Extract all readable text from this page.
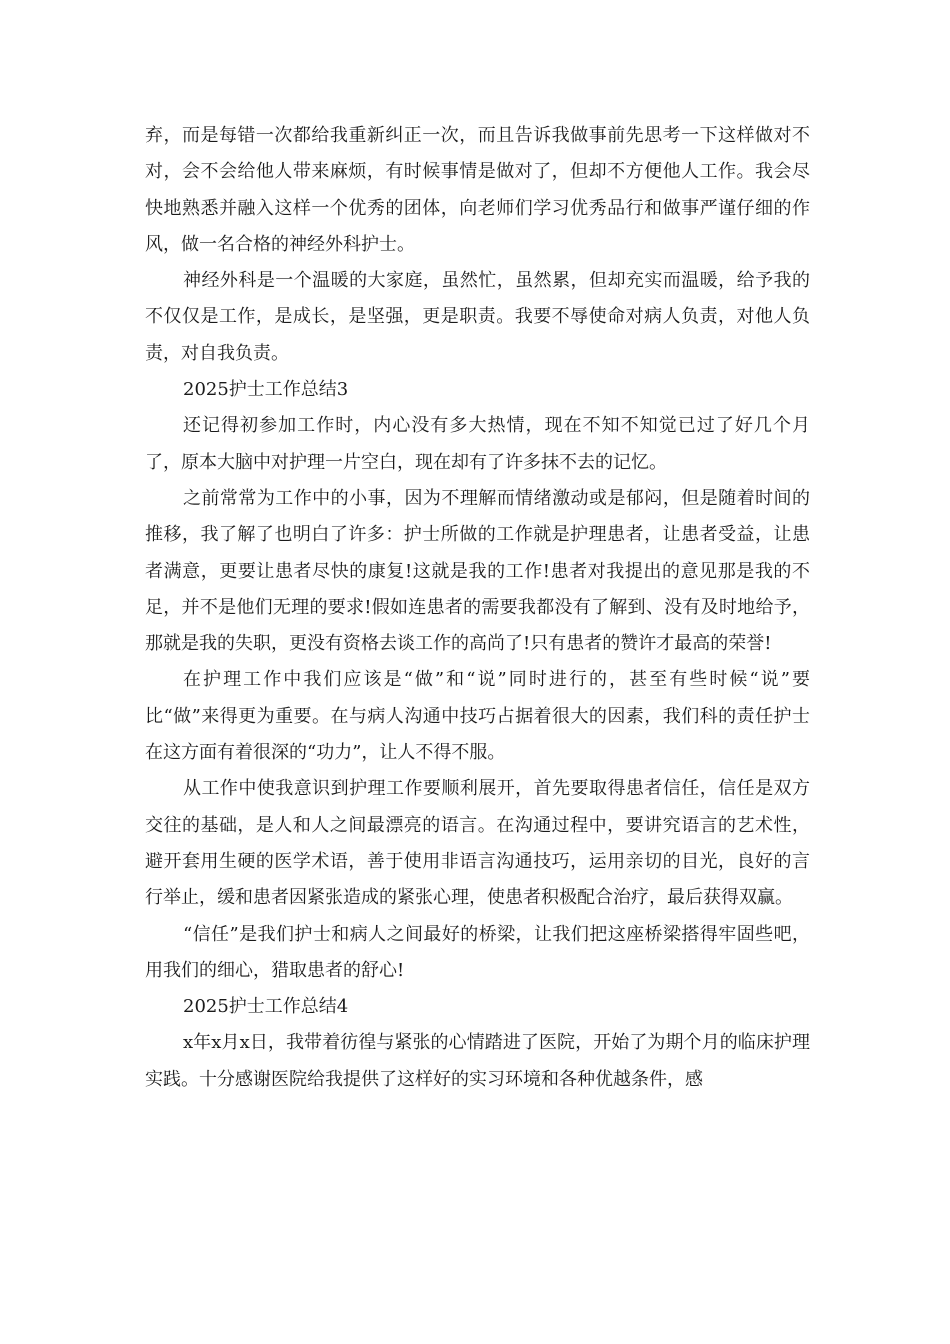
弃，而是每错一次都给我重新纠正一次，而且告诉我做事前先思考一下这样做对不对，会不会给他人带来麻烦，有时候事情是做对了，但却不方便他人工作。我会尽快地熟悉并融入这样一个优秀的团体，向老师们学习优秀品行和做事严谨仔细的作风，做一名合格的神经外科护士。

神经外科是一个温暖的大家庭，虽然忙，虽然累，但却充实而温暖，给予我的不仅仅是工作，是成长，是坚强，更是职责。我要不辱使命对病人负责，对他人负责，对自我负责。

2025护士工作总结3

还记得初参加工作时，内心没有多大热情，现在不知不知觉已过了好几个月了，原本大脑中对护理一片空白，现在却有了许多抹不去的记忆。

之前常常为工作中的小事，因为不理解而情绪激动或是郁闷，但是随着时间的推移，我了解了也明白了许多：护士所做的工作就是护理患者，让患者受益，让患者满意，更要让患者尽快的康复!这就是我的工作!患者对我提出的意见那是我的不足，并不是他们无理的要求!假如连患者的需要我都没有了解到、没有及时地给予，那就是我的失职，更没有资格去谈工作的高尚了!只有患者的赞许才最高的荣誉!

在护理工作中我们应该是“做”和“说”同时进行的，甚至有些时候“说”要比“做”来得更为重要。在与病人沟通中技巧占据着很大的因素，我们科的责任护士在这方面有着很深的“功力”，让人不得不服。

从工作中使我意识到护理工作要顺利展开，首先要取得患者信任，信任是双方交往的基础，是人和人之间最漂亮的语言。在沟通过程中，要讲究语言的艺术性，避开套用生硬的医学术语，善于使用非语言沟通技巧，运用亲切的目光，良好的言行举止，缓和患者因紧张造成的紧张心理，使患者积极配合治疗，最后获得双赢。

“信任”是我们护士和病人之间最好的桥梁，让我们把这座桥梁搭得牢固些吧，用我们的细心，猎取患者的舒心!

2025护士工作总结4

x年x月x日，我带着彷徨与紧张的心情踏进了医院，开始了为期个月的临床护理实践。十分感谢医院给我提供了这样好的实习环境和各种优越条件，感
